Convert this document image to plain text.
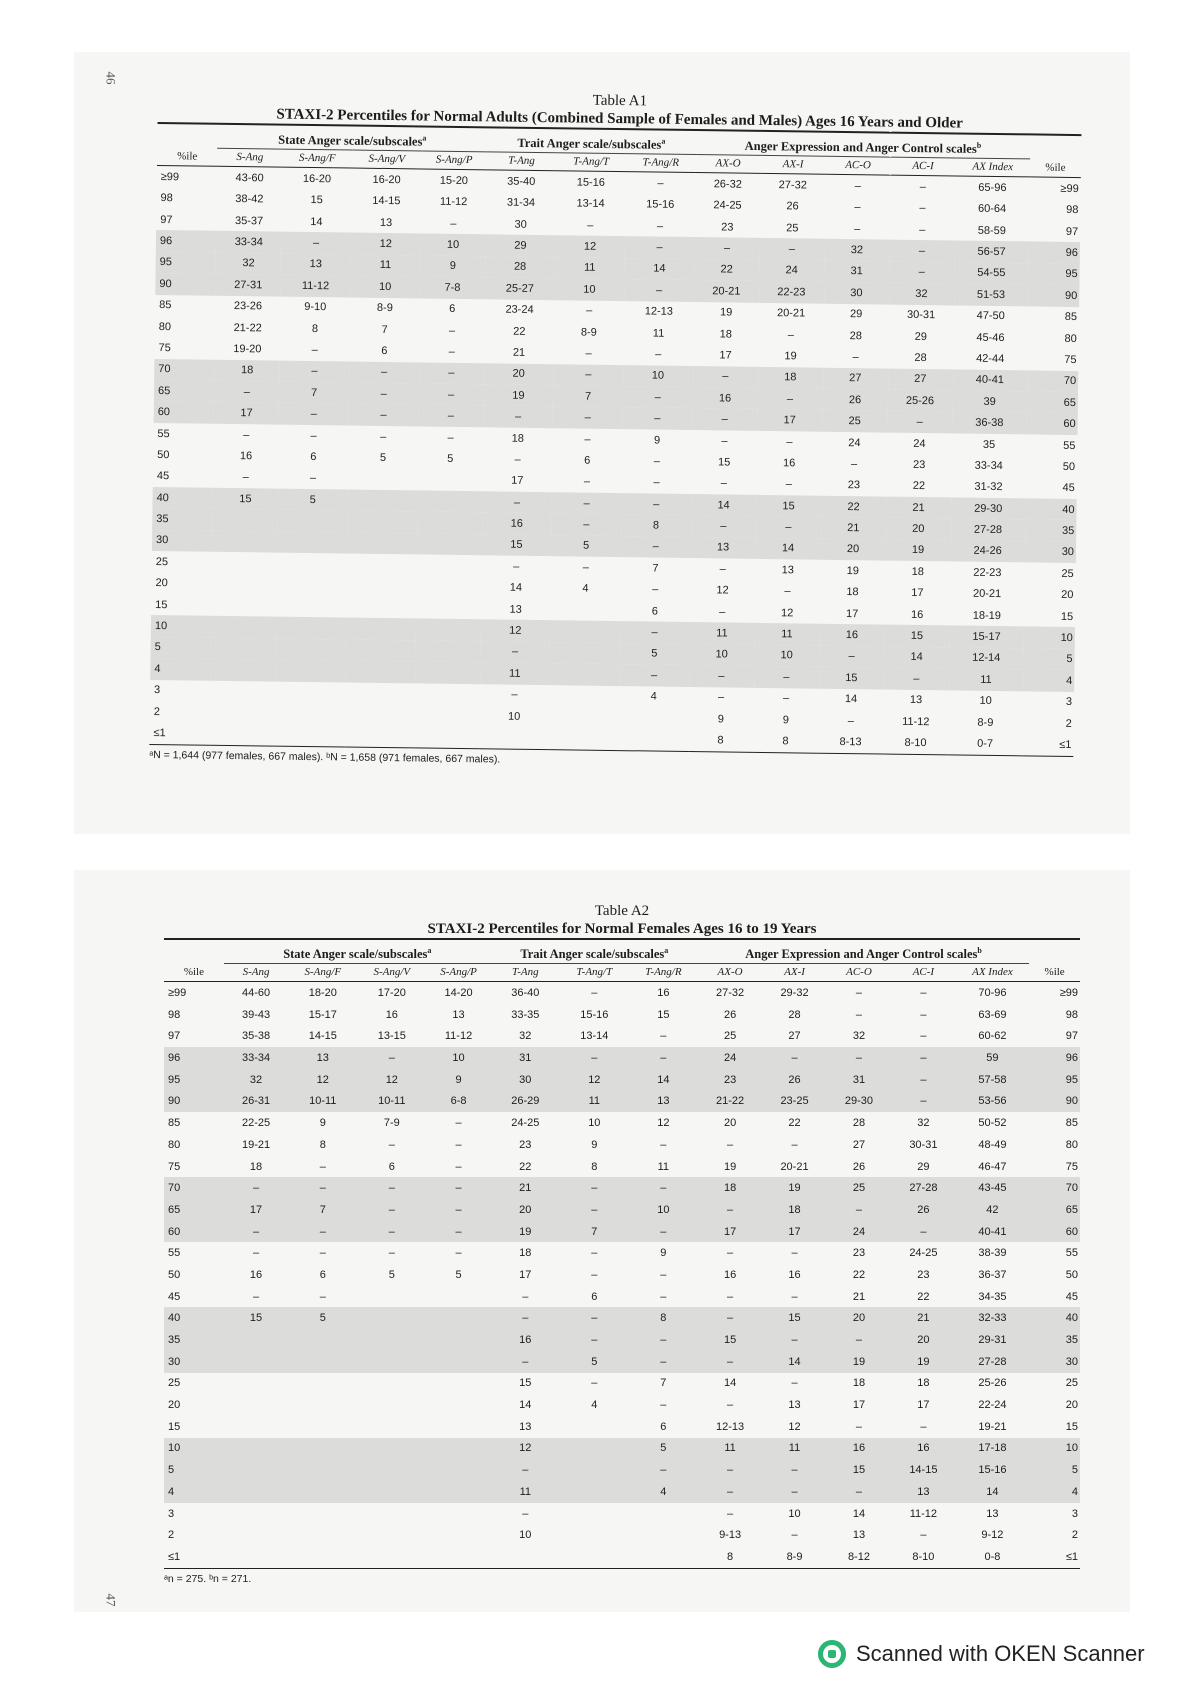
46
47
Table A1
STAXI-2 Percentiles for Normal Adults (Combined Sample of Females and Males) Ages 16 Years and Older
	State Anger scale/subscales$^a$				Trait Anger scale/subscales$^a$			Anger Expression and Anger Control scales$^b$	
%ile	S-Ang	S-Ang/F	S-Ang/V	S-Ang/P	T-Ang	T-Ang/T	T-Ang/R	AX-O	AX-I	AC-O	AC-I	AX Index	%ile
≥99	43-60	16-20	16-20	15-20	35-40	15-16	–	26-32	27-32	–	–	65-96	≥99
98	38-42	15	14-15	11-12	31-34	13-14	15-16	24-25	26	–	–	60-64	98
97	35-37	14	13	–	30	–	–	23	25	–	–	58-59	97
96	33-34	–	12	10	29	12	–	–	–	32	–	56-57	96
95	32	13	11	9	28	11	14	22	24	31	–	54-55	95
90	27-31	11-12	10	7-8	25-27	10	–	20-21	22-23	30	32	51-53	90
85	23-26	9-10	8-9	6	23-24	–	12-13	19	20-21	29	30-31	47-50	85
80	21-22	8	7	–	22	8-9	11	18	–	28	29	45-46	80
75	19-20	–	6	–	21	–	–	17	19	–	28	42-44	75
70	18	–	–	–	20	–	10	–	18	27	27	40-41	70
65	–	7	–	–	19	7	–	16	–	26	25-26	39	65
60	17	–	–	–	–	–	–	–	17	25	–	36-38	60
55	–	–	–	–	18	–	9	–	–	24	24	35	55
50	16	6	5	5	–	6	–	15	16	–	23	33-34	50
45	–	–			17	–	–	–	–	23	22	31-32	45
40	15	5			–	–	–	14	15	22	21	29-30	40
35					16	–	8	–	–	21	20	27-28	35
30					15	5	–	13	14	20	19	24-26	30
25					–	–	7	–	13	19	18	22-23	25
20					14	4	–	12	–	18	17	20-21	20
15					13		6	–	12	17	16	18-19	15
10					12		–	11	11	16	15	15-17	10
5					–		5	10	10	–	14	12-14	5
4					11		–	–	–	15	–	11	4
3					–		4	–	–	14	13	10	3
2					10			9	9	–	11-12	8-9	2
≤1								8	8	8-13	8-10	0-7	≤1
ᵃN = 1,644 (977 females, 667 males). ᵇN = 1,658 (971 females, 667 males).
Table A2
STAXI-2 Percentiles for Normal Females Ages 16 to 19 Years
	State Anger scale/subscales$^a$				Trait Anger scale/subscales$^a$			Anger Expression and Anger Control scales$^b$	
%ile	S-Ang	S-Ang/F	S-Ang/V	S-Ang/P	T-Ang	T-Ang/T	T-Ang/R	AX-O	AX-I	AC-O	AC-I	AX Index	%ile
≥99	44-60	18-20	17-20	14-20	36-40	–	16	27-32	29-32	–	–	70-96	≥99
98	39-43	15-17	16	13	33-35	15-16	15	26	28	–	–	63-69	98
97	35-38	14-15	13-15	11-12	32	13-14	–	25	27	32	–	60-62	97
96	33-34	13	–	10	31	–	–	24	–	–	–	59	96
95	32	12	12	9	30	12	14	23	26	31	–	57-58	95
90	26-31	10-11	10-11	6-8	26-29	11	13	21-22	23-25	29-30	–	53-56	90
85	22-25	9	7-9	–	24-25	10	12	20	22	28	32	50-52	85
80	19-21	8	–	–	23	9	–	–	–	27	30-31	48-49	80
75	18	–	6	–	22	8	11	19	20-21	26	29	46-47	75
70	–	–	–	–	21	–	–	18	19	25	27-28	43-45	70
65	17	7	–	–	20	–	10	–	18	–	26	42	65
60	–	–	–	–	19	7	–	17	17	24	–	40-41	60
55	–	–	–	–	18	–	9	–	–	23	24-25	38-39	55
50	16	6	5	5	17	–	–	16	16	22	23	36-37	50
45	–	–			–	6	–	–	–	21	22	34-35	45
40	15	5			–	–	8	–	15	20	21	32-33	40
35					16	–	–	15	–	–	20	29-31	35
30					–	5	–	–	14	19	19	27-28	30
25					15	–	7	14	–	18	18	25-26	25
20					14	4	–	–	13	17	17	22-24	20
15					13		6	12-13	12	–	–	19-21	15
10					12		5	11	11	16	16	17-18	10
5					–		–	–	–	15	14-15	15-16	5
4					11		4	–	–	–	13	14	4
3					–			–	10	14	11-12	13	3
2					10			9-13	–	13	–	9-12	2
≤1								8	8-9	8-12	8-10	0-8	≤1
ᵃn = 275. ᵇn = 271.
Scanned with OKEN Scanner
